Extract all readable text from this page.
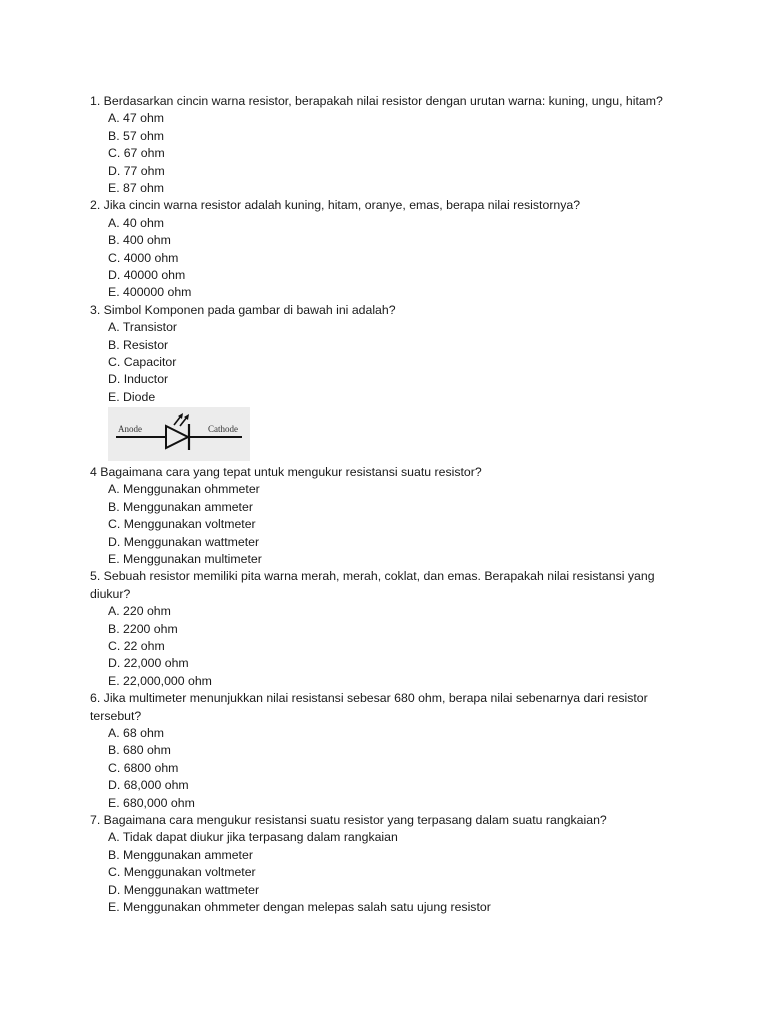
1. Berdasarkan cincin warna resistor, berapakah nilai resistor dengan urutan warna: kuning, ungu, hitam?
A. 47 ohm
B. 57 ohm
C. 67 ohm
D. 77 ohm
E. 87 ohm
2. Jika cincin warna resistor adalah kuning, hitam, oranye, emas, berapa nilai resistornya?
A. 40 ohm
B. 400 ohm
C. 4000 ohm
D. 40000 ohm
E. 400000 ohm
3. Simbol Komponen pada gambar di bawah ini adalah?
A. Transistor
B. Resistor
C. Capacitor
D. Inductor
E. Diode
Anode	Cathode
4 Bagaimana cara yang tepat untuk mengukur resistansi suatu resistor?
A. Menggunakan ohmmeter
B. Menggunakan ammeter
C. Menggunakan voltmeter
D. Menggunakan wattmeter
E. Menggunakan multimeter
5. Sebuah resistor memiliki pita warna merah, merah, coklat, dan emas. Berapakah nilai resistansi yang diukur?
A. 220 ohm
B. 2200 ohm
C. 22 ohm
D. 22,000 ohm
E. 22,000,000 ohm
6. Jika multimeter menunjukkan nilai resistansi sebesar 680 ohm, berapa nilai sebenarnya dari resistor tersebut?
A. 68 ohm
B. 680 ohm
C. 6800 ohm
D. 68,000 ohm
E. 680,000 ohm
7. Bagaimana cara mengukur resistansi suatu resistor yang terpasang dalam suatu rangkaian?
A. Tidak dapat diukur jika terpasang dalam rangkaian
B. Menggunakan ammeter
C. Menggunakan voltmeter
D. Menggunakan wattmeter
E. Menggunakan ohmmeter dengan melepas salah satu ujung resistor
